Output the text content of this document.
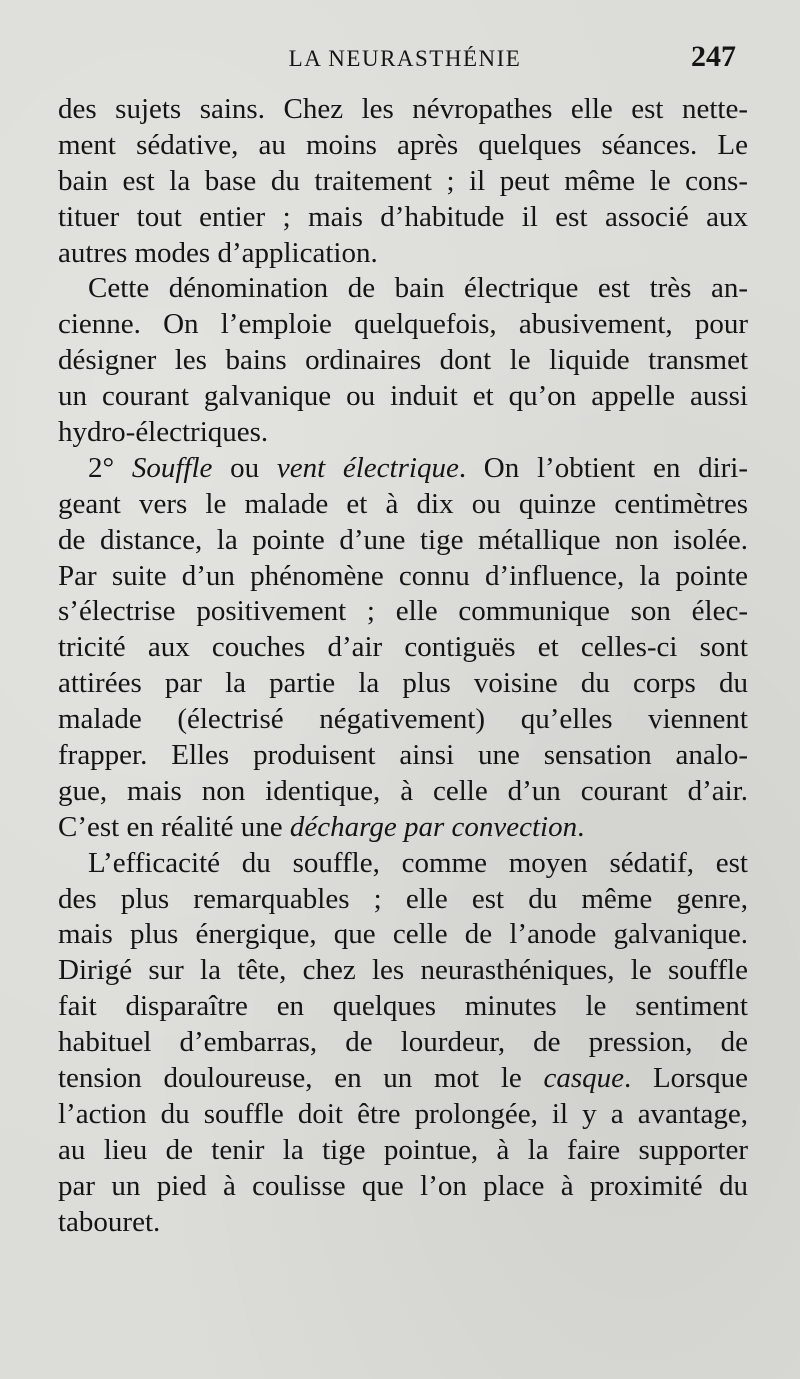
LA NEURASTHÉNIE	247
des sujets sains. Chez les névropathes elle est nette-
ment sédative, au moins après quelques séances. Le
bain est la base du traitement ; il peut même le cons-
tituer tout entier ; mais d’habitude il est associé aux
autres modes d’application.
Cette dénomination de bain électrique est très an-
cienne. On l’emploie quelquefois, abusivement, pour
désigner les bains ordinaires dont le liquide transmet
un courant galvanique ou induit et qu’on appelle aussi
hydro-électriques.
2° Souffle ou vent électrique. On l’obtient en diri-
geant vers le malade et à dix ou quinze centimètres
de distance, la pointe d’une tige métallique non isolée.
Par suite d’un phénomène connu d’influence, la pointe
s’électrise positivement ; elle communique son élec-
tricité aux couches d’air contiguës et celles-ci sont
attirées par la partie la plus voisine du corps du
malade (électrisé négativement) qu’elles viennent
frapper. Elles produisent ainsi une sensation analo-
gue, mais non identique, à celle d’un courant d’air.
C’est en réalité une décharge par convection.
L’efficacité du souffle, comme moyen sédatif, est
des plus remarquables ; elle est du même genre,
mais plus énergique, que celle de l’anode galvanique.
Dirigé sur la tête, chez les neurasthéniques, le souffle
fait disparaître en quelques minutes le sentiment
habituel d’embarras, de lourdeur, de pression, de
tension douloureuse, en un mot le casque. Lorsque
l’action du souffle doit être prolongée, il y a avantage,
au lieu de tenir la tige pointue, à la faire supporter
par un pied à coulisse que l’on place à proximité du
tabouret.
